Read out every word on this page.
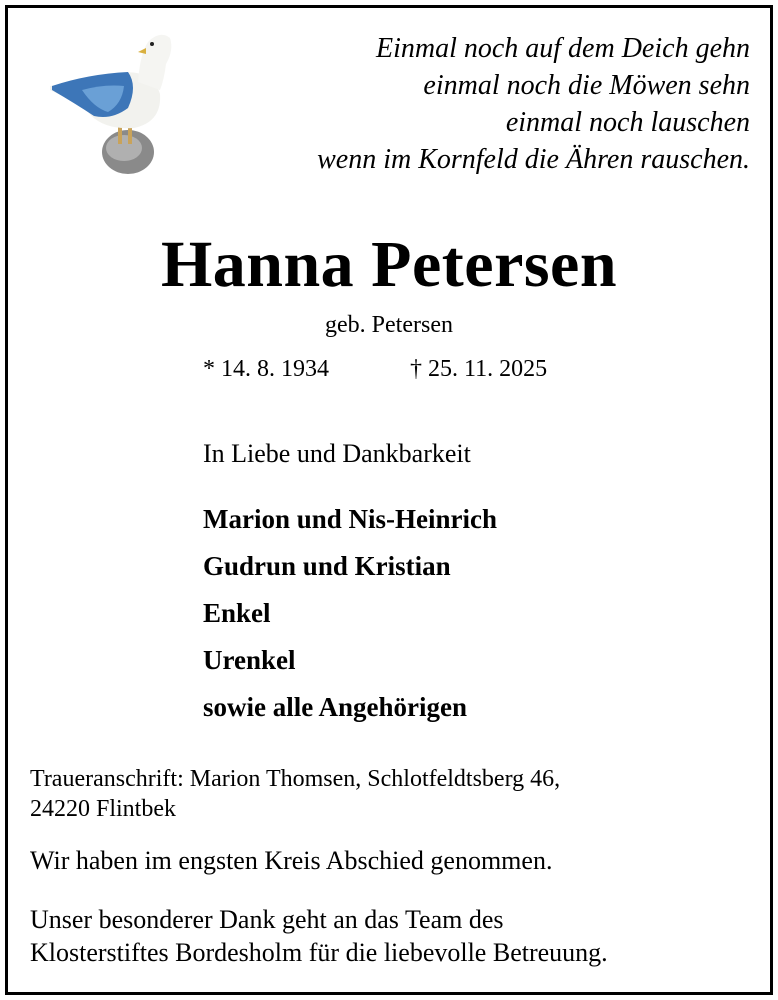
Einmal noch auf dem Deich gehn
einmal noch die Möwen sehn
einmal noch lauschen
wenn im Kornfeld die Ähren rauschen.
Hanna Petersen
geb. Petersen
* 14. 8. 1934	† 25. 11. 2025
In Liebe und Dankbarkeit
Marion und Nis-Heinrich
Gudrun und Kristian
Enkel
Urenkel
sowie alle Angehörigen
Traueranschrift: Marion Thomsen, Schlotfeldtsberg 46,
24220 Flintbek
Wir haben im engsten Kreis Abschied genommen.
Unser besonderer Dank geht an das Team des
Klosterstiftes Bordesholm für die liebevolle Betreuung.
